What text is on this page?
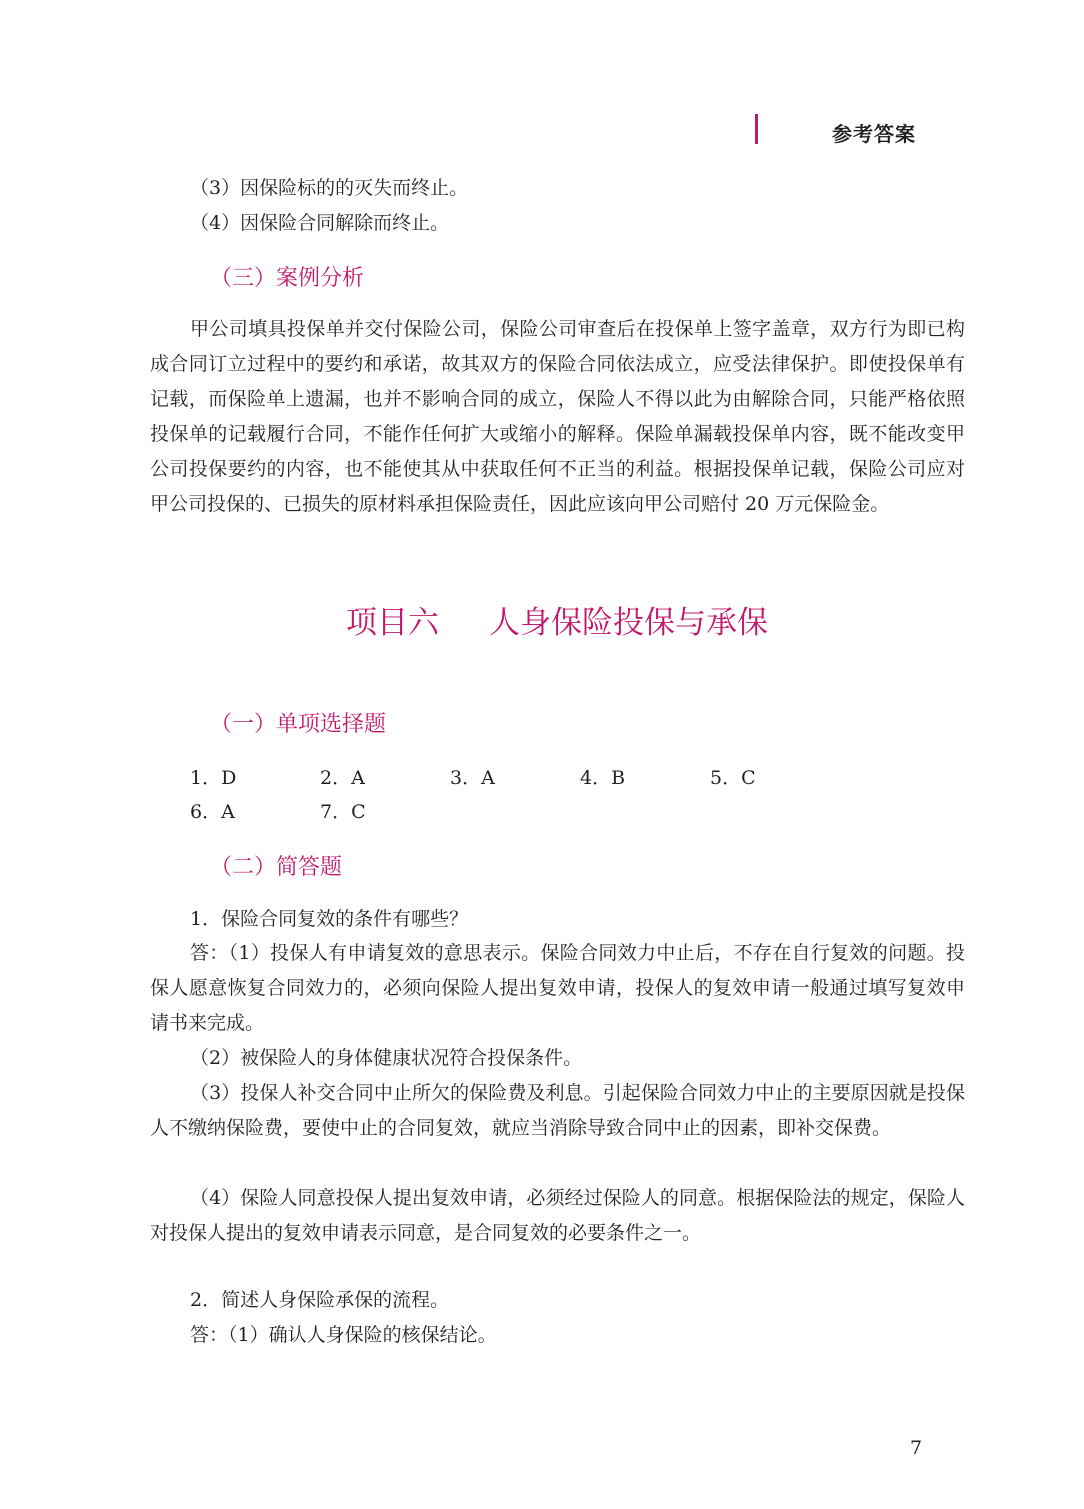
参考答案
（3）因保险标的的灭失而终止。
（4）因保险合同解除而终止。
（三）案例分析
甲公司填具投保单并交付保险公司，保险公司审查后在投保单上签字盖章，双方行为即已构成合同订立过程中的要约和承诺，故其双方的保险合同依法成立，应受法律保护。即使投保单有记载，而保险单上遗漏，也并不影响合同的成立，保险人不得以此为由解除合同，只能严格依照投保单的记载履行合同，不能作任何扩大或缩小的解释。保险单漏载投保单内容，既不能改变甲公司投保要约的内容，也不能使其从中获取任何不正当的利益。根据投保单记载，保险公司应对甲公司投保的、已损失的原材料承担保险责任，因此应该向甲公司赔付 20 万元保险金。
项目六 人身保险投保与承保
（一）单项选择题
1．D	2．A	3．A	4．B	5．C
6．A	7．C
（二）简答题
1．保险合同复效的条件有哪些？
答：（1）投保人有申请复效的意思表示。保险合同效力中止后，不存在自行复效的问题。投保人愿意恢复合同效力的，必须向保险人提出复效申请，投保人的复效申请一般通过填写复效申请书来完成。
（2）被保险人的身体健康状况符合投保条件。
（3）投保人补交合同中止所欠的保险费及利息。引起保险合同效力中止的主要原因就是投保人不缴纳保险费，要使中止的合同复效，就应当消除导致合同中止的因素，即补交保费。
（4）保险人同意投保人提出复效申请，必须经过保险人的同意。根据保险法的规定，保险人对投保人提出的复效申请表示同意，是合同复效的必要条件之一。
2．简述人身保险承保的流程。
答：（1）确认人身保险的核保结论。
7
